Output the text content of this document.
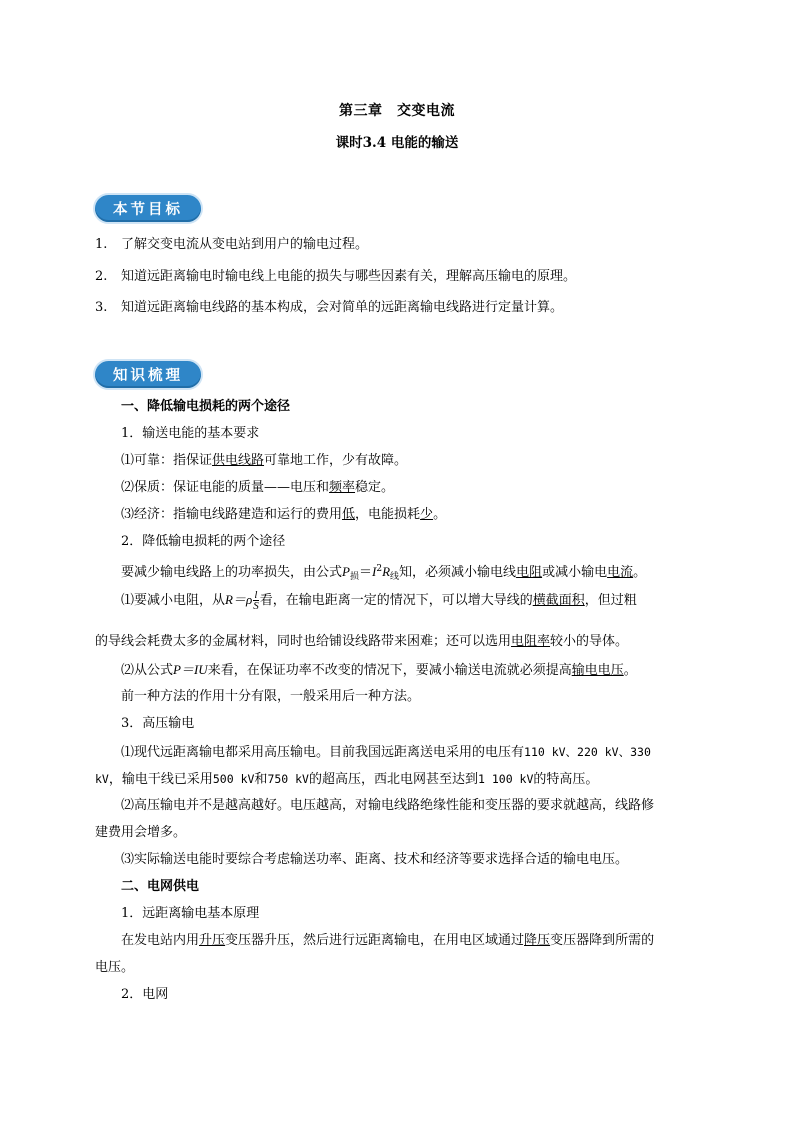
第三章　交变电流
课时3.4 电能的输送
本节目标
1. 了解交变电流从变电站到用户的输电过程。
2. 知道远距离输电时输电线上电能的损失与哪些因素有关，理解高压输电的原理。
3. 知道远距离输电线路的基本构成，会对简单的远距离输电线路进行定量计算。
知识梳理
一、降低输电损耗的两个途径
1．输送电能的基本要求
⑴可靠：指保证供电线路可靠地工作，少有故障。
⑵保质：保证电能的质量——电压和频率稳定。
⑶经济：指输电线路建造和运行的费用低，电能损耗少。
2．降低输电损耗的两个途径
要减少输电线路上的功率损失，由公式$P_损=I^2R_线$知，必须减小输电线电阻或减小输电电流。
⑴要减小电阻，从$R=\rho \frac{l}{S}$ 看，在输电距离一定的情况下，可以增大导线的横截面积，但过粗
的导线会耗费太多的金属材料，同时也给铺设线路带来困难；还可以选用电阻率较小的导体。
⑵从公式P＝IU来看，在保证功率不改变的情况下，要减小输送电流就必须提高输电电压。
前一种方法的作用十分有限，一般采用后一种方法。
3．高压输电
⑴现代远距离输电都采用高压输电。目前我国远距离送电采用的电压有110 kV、220 kV、330
kV，输电干线已采用500 kV和750 kV的超高压，西北电网甚至达到1 100 kV的特高压。
⑵高压输电并不是越高越好。电压越高，对输电线路绝缘性能和变压器的要求就越高，线路修
建费用会增多。
⑶实际输送电能时要综合考虑输送功率、距离、技术和经济等要求选择合适的输电电压。
二、电网供电
1．远距离输电基本原理
在发电站内用升压变压器升压，然后进行远距离输电，在用电区域通过降压变压器降到所需的
电压。
2．电网
